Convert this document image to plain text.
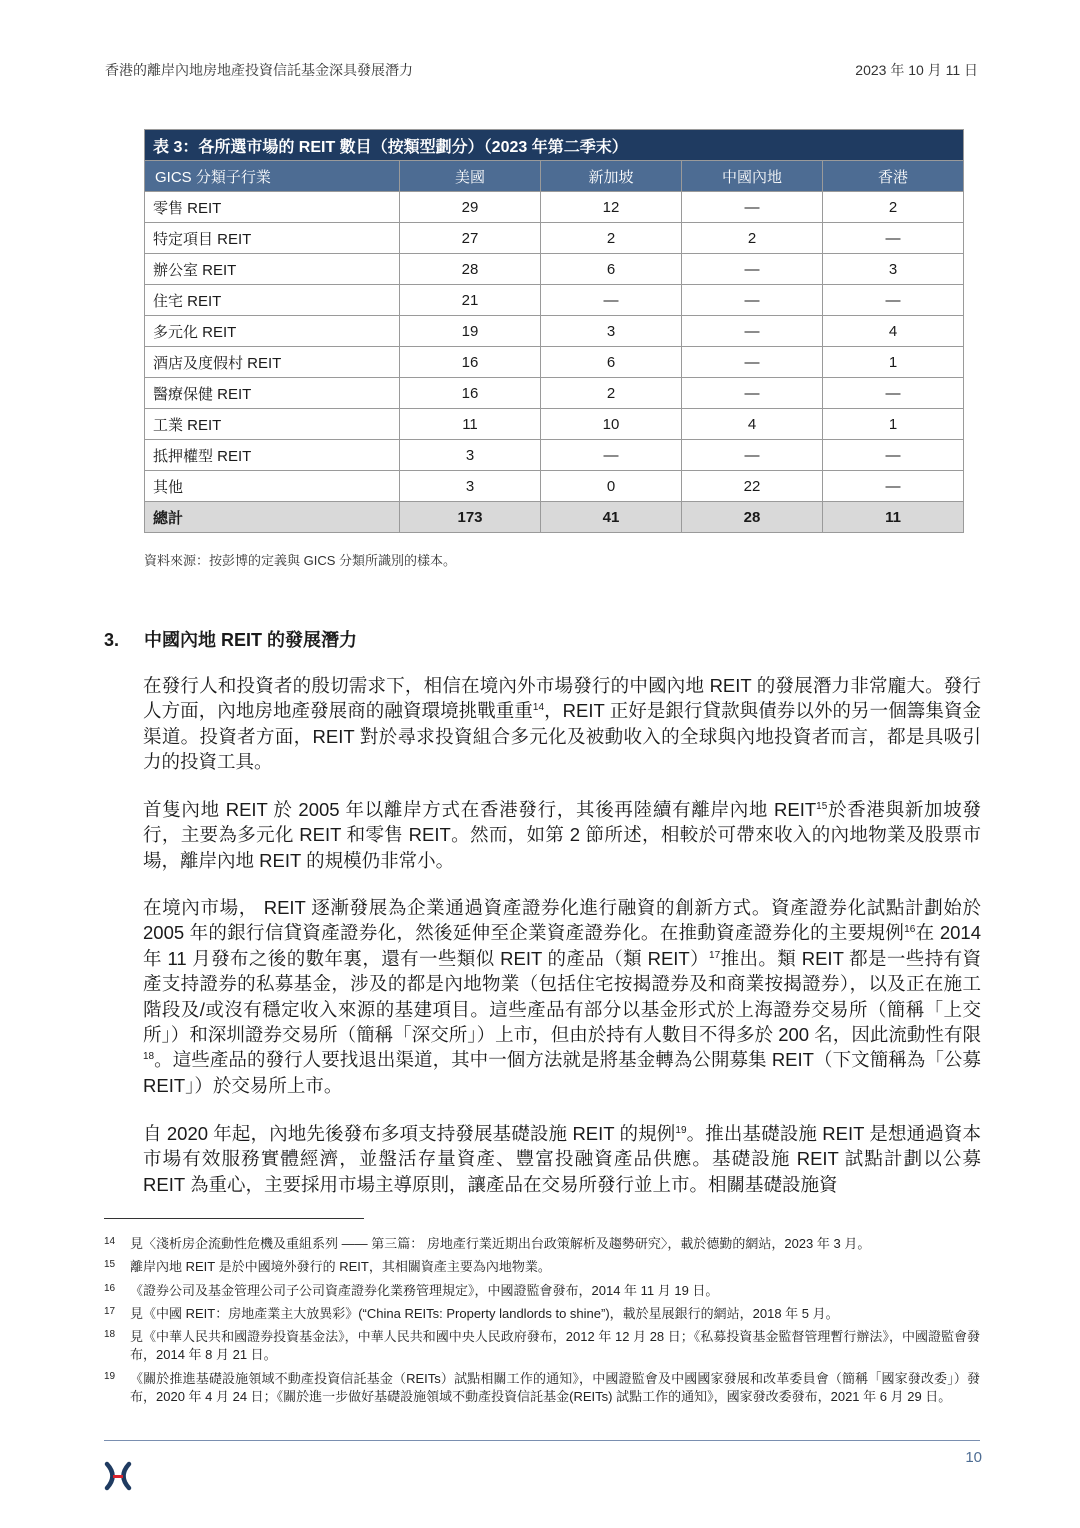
香港的離岸內地房地產投資信託基金深具發展潛力	2023 年 10 月 11 日
表 3：各所選市場的 REIT 數目（按類型劃分）（2023 年第二季末）				
GICS 分類子行業	美國	新加坡	中國內地	香港
零售 REIT	29	12	—	2
特定項目 REIT	27	2	2	—
辦公室 REIT	28	6	—	3
住宅 REIT	21	—	—	—
多元化 REIT	19	3	—	4
酒店及度假村 REIT	16	6	—	1
醫療保健 REIT	16	2	—	—
工業 REIT	11	10	4	1
抵押權型 REIT	3	—	—	—
其他	3	0	22	—
總計	173	41	28	11
資料來源：按彭博的定義與 GICS 分類所識別的樣本。
3. 中國內地 REIT 的發展潛力

在發行人和投資者的殷切需求下，相信在境內外市場發行的中國內地 REIT 的發展潛力非常龐大。發行人方面，內地房地產發展商的融資環境挑戰重重$^{14}$，REIT 正好是銀行貸款與債券以外的另一個籌集資金渠道。投資者方面，REIT 對於尋求投資組合多元化及被動收入的全球與內地投資者而言，都是具吸引力的投資工具。

首隻內地 REIT 於 2005 年以離岸方式在香港發行，其後再陸續有離岸內地 REIT$^{15}$於香港與新加坡發行，主要為多元化 REIT 和零售 REIT。然而，如第 2 節所述，相較於可帶來收入的內地物業及股票市場，離岸內地 REIT 的規模仍非常小。

在境內市場， REIT 逐漸發展為企業通過資產證券化進行融資的創新方式。資產證券化試點計劃始於 2005 年的銀行信貸資產證券化，然後延伸至企業資產證券化。在推動資產證券化的主要規例$^{16}$在 2014 年 11 月發布之後的數年裏，還有一些類似 REIT 的產品（類 REIT）$^{17}$推出。類 REIT 都是一些持有資產支持證券的私募基金，涉及的都是內地物業（包括住宅按揭證券及和商業按揭證券），以及正在施工階段及/或沒有穩定收入來源的基建項目。這些產品有部分以基金形式於上海證券交易所（簡稱「上交所」）和深圳證券交易所（簡稱「深交所」）上市，但由於持有人數目不得多於 200 名，因此流動性有限$^{18}$。這些產品的發行人要找退出渠道，其中一個方法就是將基金轉為公開募集 REIT（下文簡稱為「公募 REIT」）於交易所上市。

自 2020 年起，內地先後發布多項支持發展基礎設施 REIT 的規例$^{19}$。推出基礎設施 REIT 是想通過資本市場有效服務實體經濟，並盤活存量資產、豐富投融資產品供應。基礎設施 REIT 試點計劃以公募 REIT 為重心，主要採用市場主導原則，讓產品在交易所發行並上市。相關基礎設施資

14	見〈淺析房企流動性危機及重組系列 —— 第三篇： 房地產行業近期出台政策解析及趨勢研究〉，載於德勤的網站，2023 年 3 月。
15	離岸內地 REIT 是於中國境外發行的 REIT，其相關資產主要為內地物業。
16	《證券公司及基金管理公司子公司資產證券化業務管理規定》，中國證監會發布，2014 年 11 月 19 日。
17	見《中國 REIT：房地產業主大放異彩》(“China REITs: Property landlords to shine”)，載於星展銀行的網站，2018 年 5 月。
18	見《中華人民共和國證券投資基金法》，中華人民共和國中央人民政府發布，2012 年 12 月 28 日；《私募投資基金監督管理暫行辦法》，中國證監會發布，2014 年 8 月 21 日。
19	《關於推進基礎設施領域不動產投資信託基金（REITs）試點相關工作的通知》，中國證監會及中國國家發展和改革委員會（簡稱「國家發改委」）發布，2020 年 4 月 24 日；《關於進一步做好基礎設施領域不動產投資信託基金(REITs) 試點工作的通知》，國家發改委發布，2021 年 6 月 29 日。
10
